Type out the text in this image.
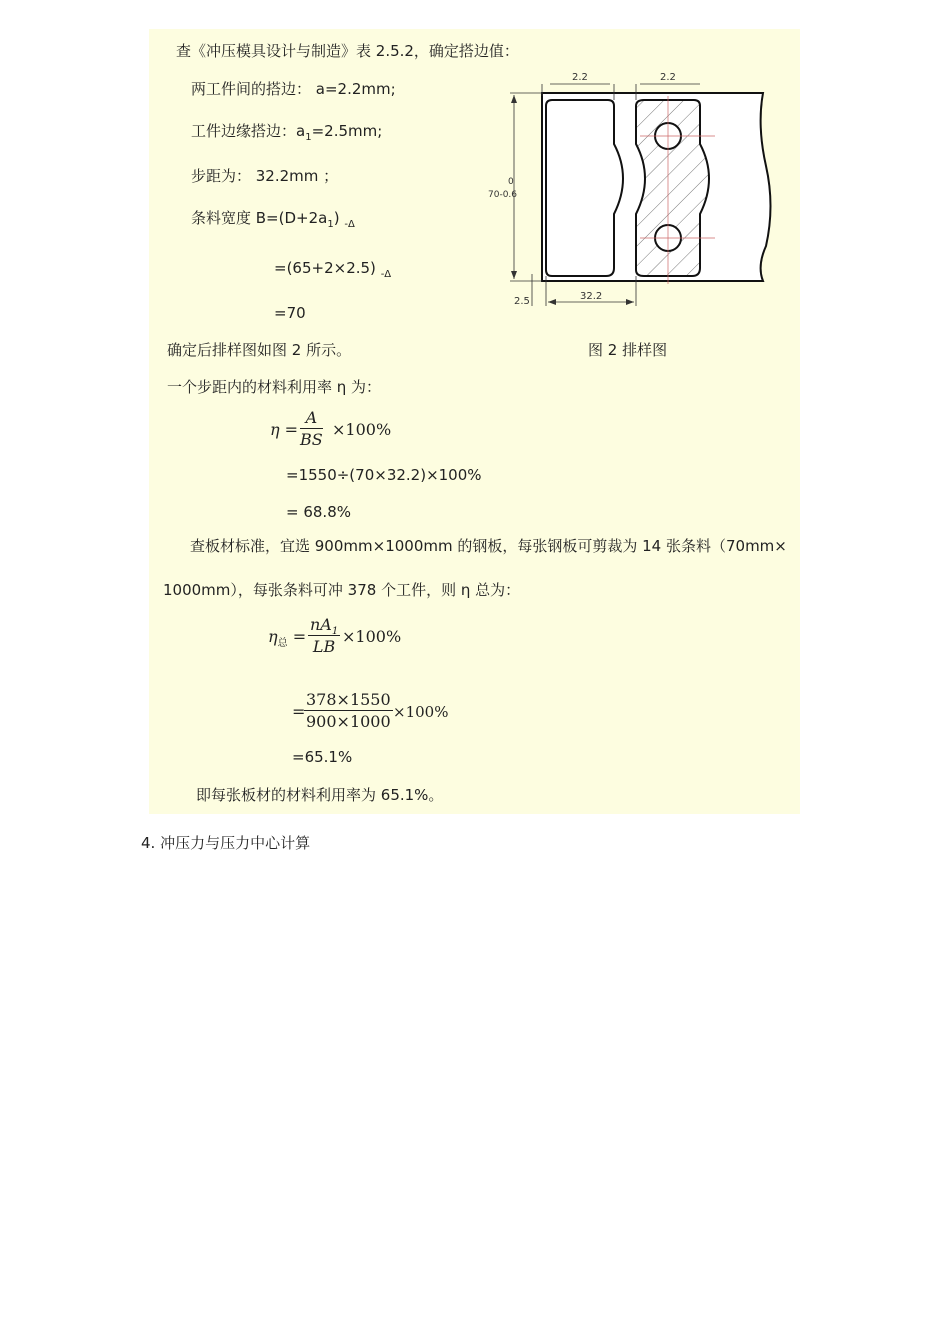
查《冲压模具设计与制造》表 2.5.2，确定搭边值：
两工件间的搭边： a=2.2mm;
工件边缘搭边：$a_1=2.5mm$;
步距为： 32.2mm ；
条料宽度 $B=(D+2a_1)$ $_{-\Delta}$
=(65+2×2.5) $_{-\Delta}$
=70
2.2	2.2
0
70-0.6
2.5	32.2
确定后排样图如图 2 所示。	图 2 排样图
一个步距内的材料利用率 η 为：
$\eta = \frac{A}{BS} \times 100\%$
=1550÷(70×32.2)×100%
= 68.8%
查板材标准，宜选 900mm×1000mm 的钢板，每张钢板可剪裁为 14 张条料（70mm×
1000mm），每张条料可冲 378 个工件，则 η 总为：
$\eta_总 = \frac{nA_1}{LB} \times 100\%$
=
$\frac{378\times 1550}{900\times 1000} \times 100\%$
=65.1%
即每张板材的材料利用率为 65.1%。
4. 冲压力与压力中心计算
